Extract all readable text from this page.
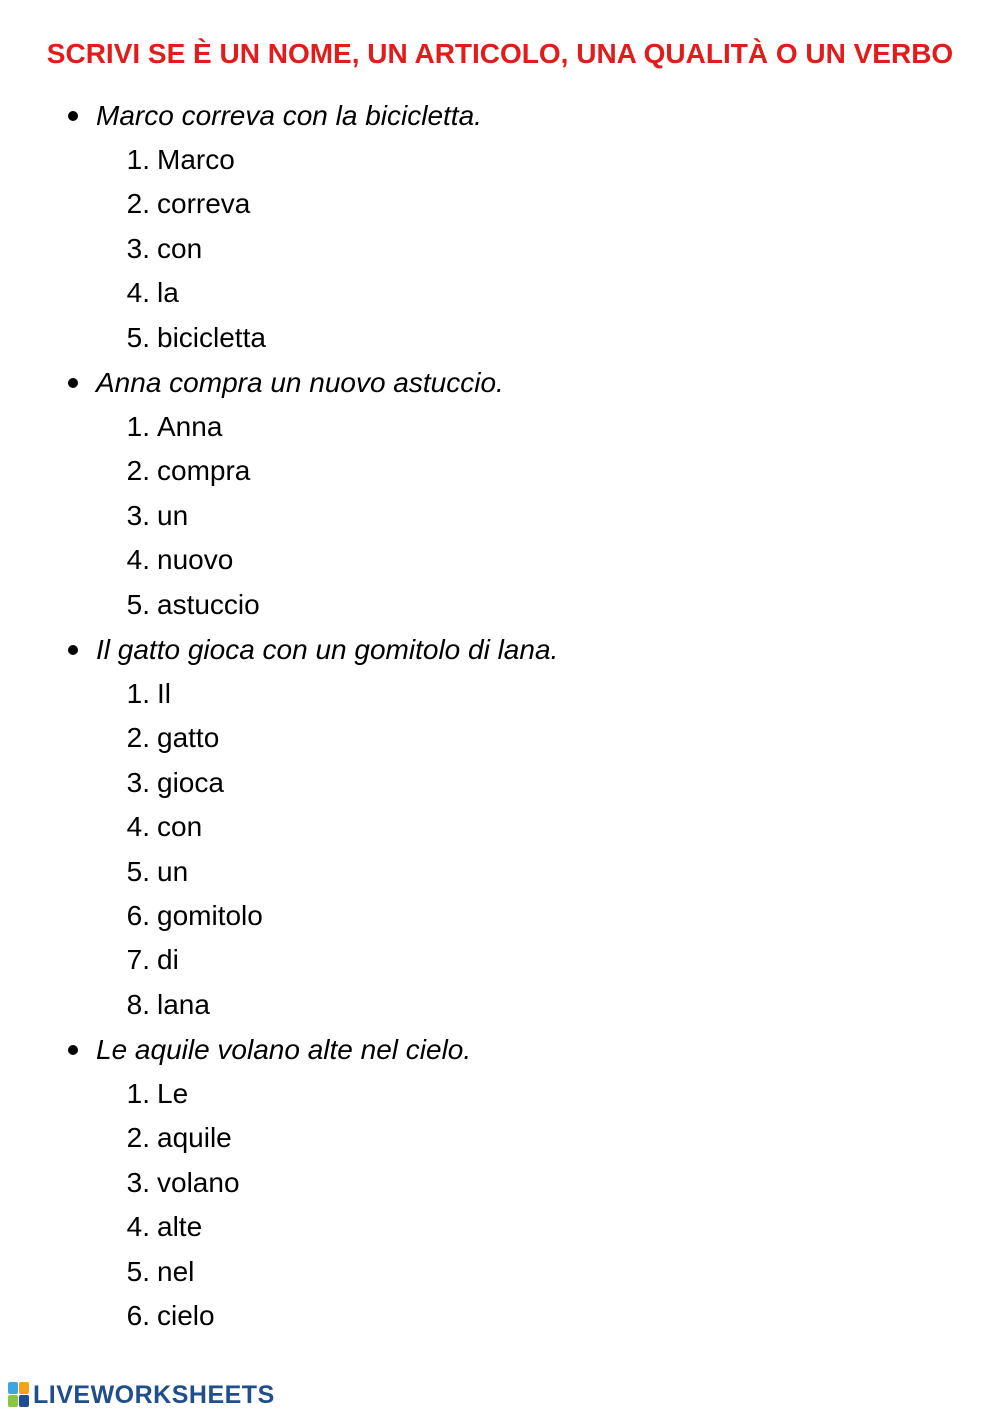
SCRIVI SE È UN NOME, UN ARTICOLO, UNA QUALITÀ O UN VERBO
Marco correva con la bicicletta.
1. Marco
2. correva
3. con
4. la
5. bicicletta
Anna compra un nuovo astuccio.
1. Anna
2. compra
3. un
4. nuovo
5. astuccio
Il gatto gioca con un gomitolo di lana.
1. Il
2. gatto
3. gioca
4. con
5. un
6. gomitolo
7. di
8. lana
Le aquile volano alte nel cielo.
1. Le
2. aquile
3. volano
4. alte
5. nel
6. cielo
LIVEWORKSHEETS
